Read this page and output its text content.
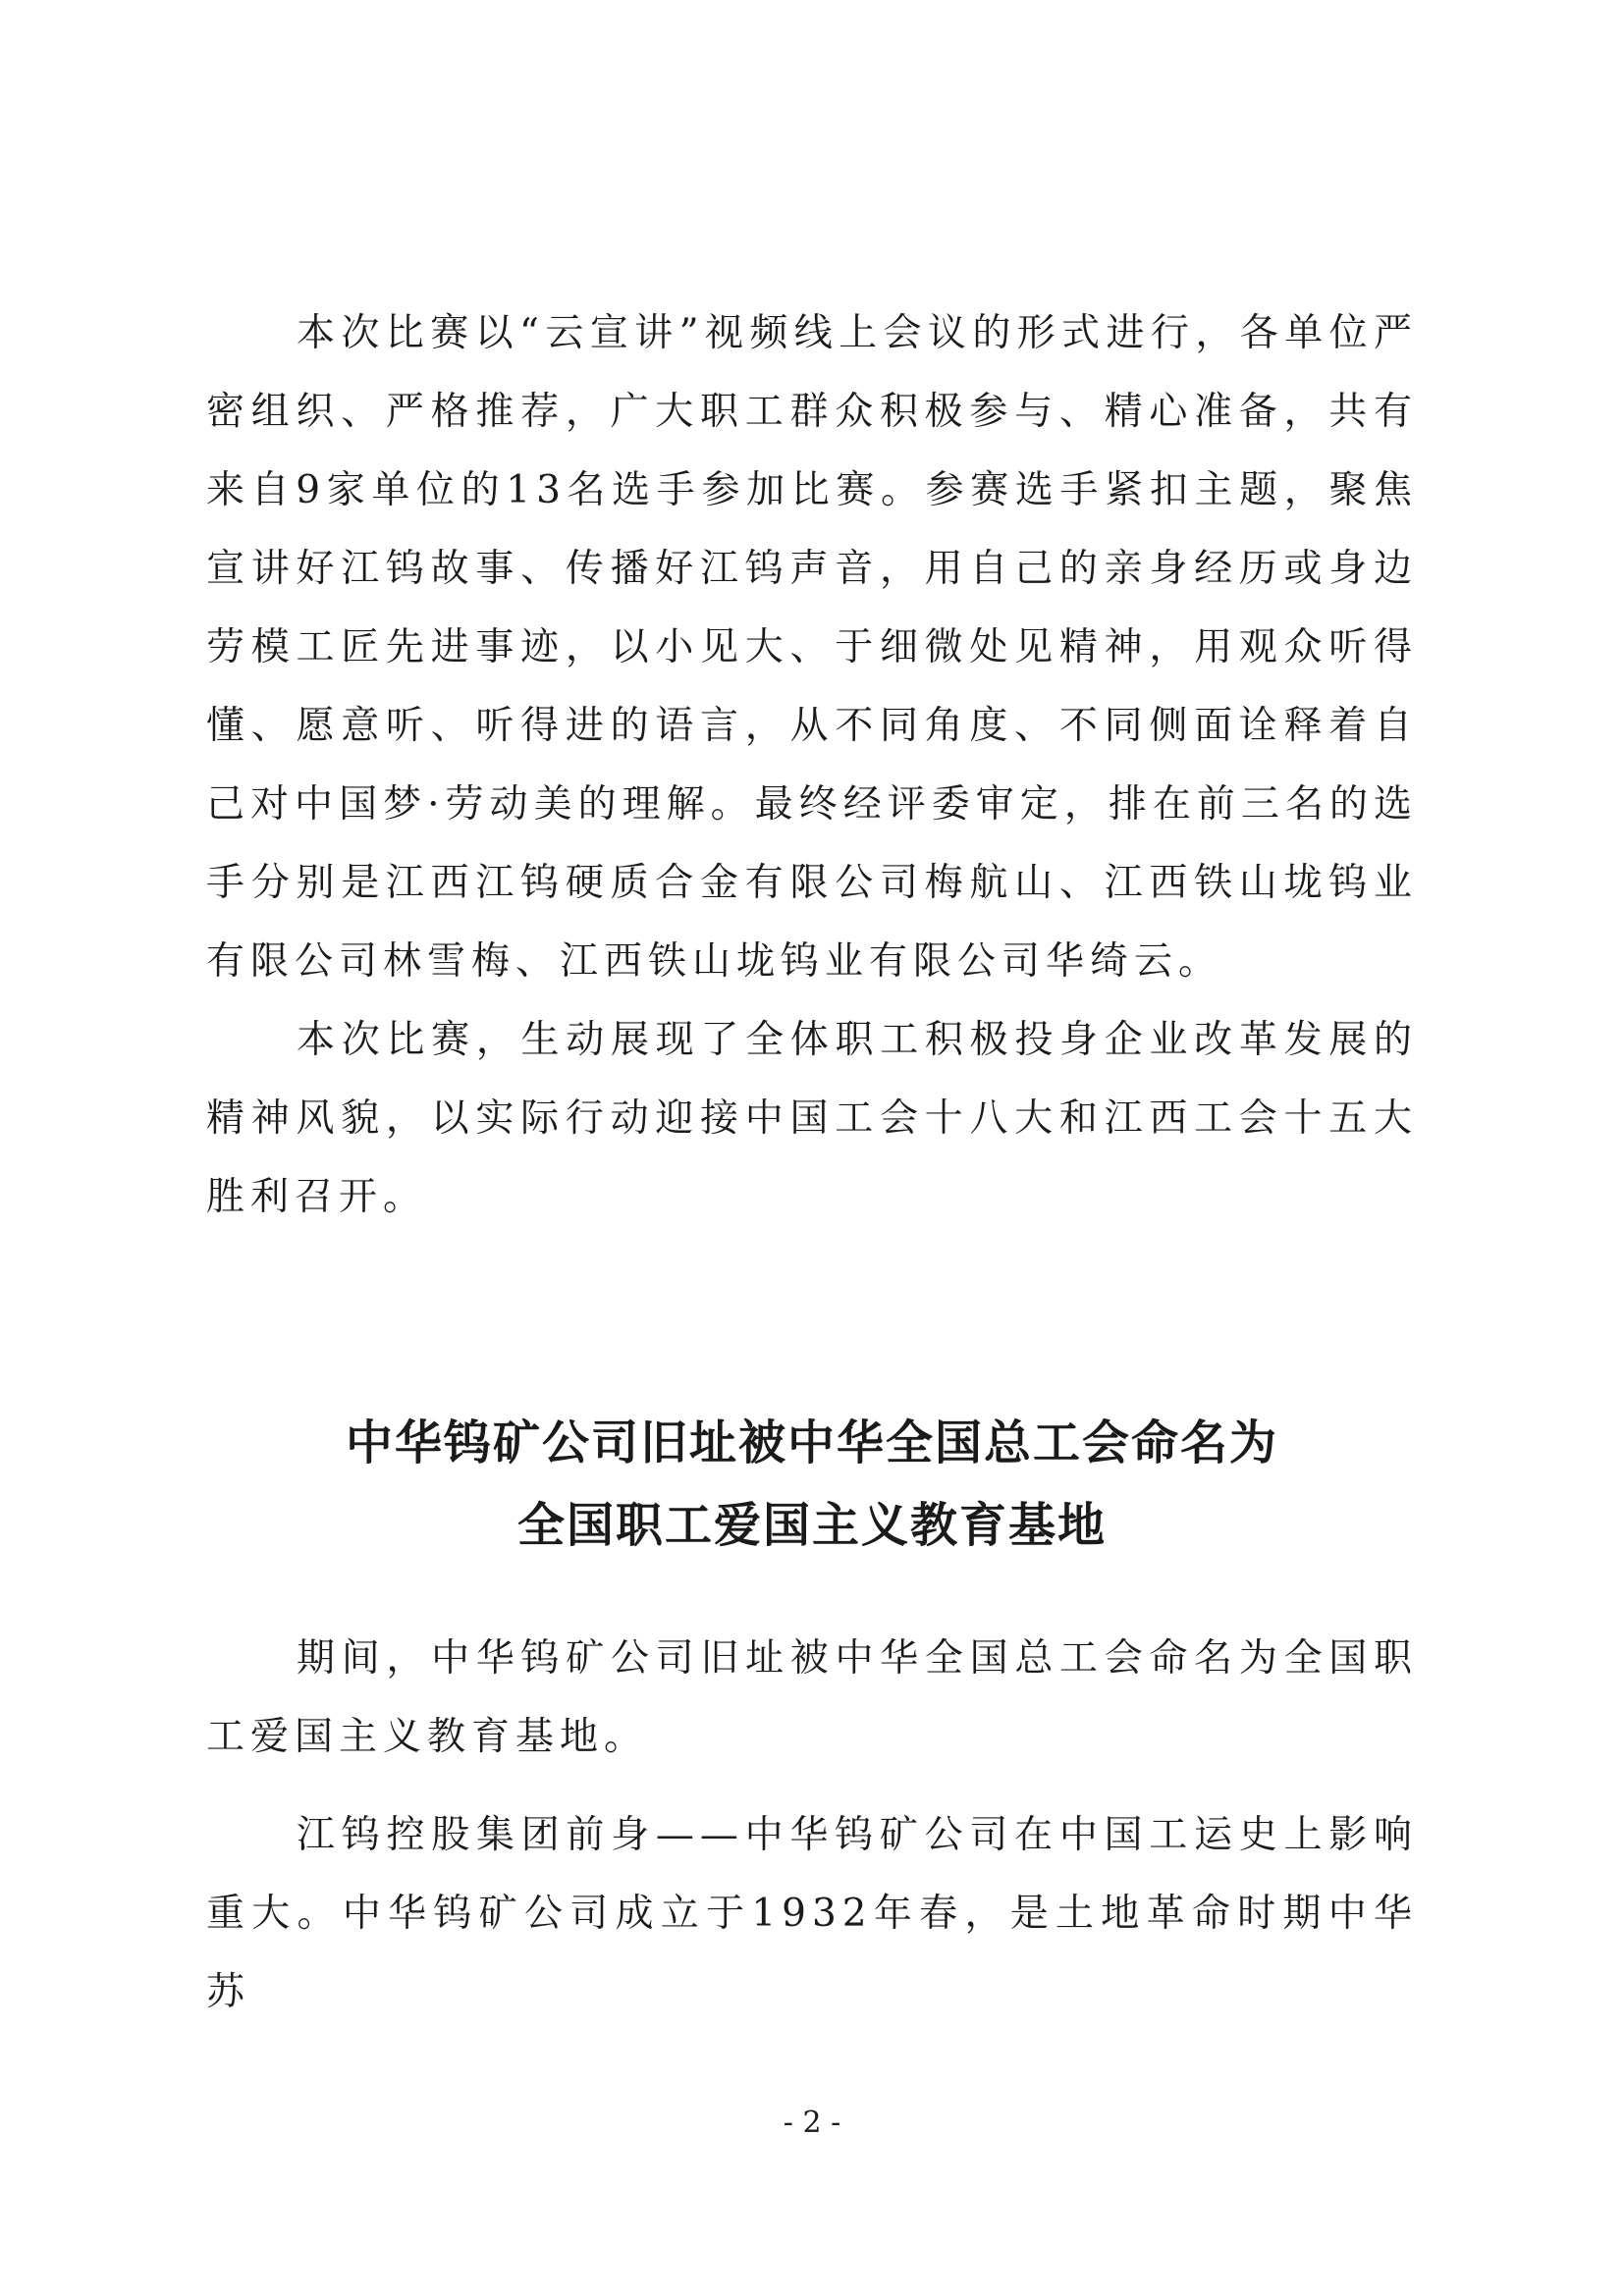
本次比赛以“云宣讲”视频线上会议的形式进行，各单位严密组织、严格推荐，广大职工群众积极参与、精心准备，共有来自9家单位的13名选手参加比赛。参赛选手紧扣主题，聚焦宣讲好江钨故事、传播好江钨声音，用自己的亲身经历或身边劳模工匠先进事迹，以小见大、于细微处见精神，用观众听得懂、愿意听、听得进的语言，从不同角度、不同侧面诠释着自己对中国梦·劳动美的理解。最终经评委审定，排在前三名的选手分别是江西江钨硬质合金有限公司梅航山、江西铁山垅钨业有限公司林雪梅、江西铁山垅钨业有限公司华绮云。

本次比赛，生动展现了全体职工积极投身企业改革发展的精神风貌，以实际行动迎接中国工会十八大和江西工会十五大胜利召开。

中华钨矿公司旧址被中华全国总工会命名为
全国职工爱国主义教育基地

期间，中华钨矿公司旧址被中华全国总工会命名为全国职工爱国主义教育基地。

江钨控股集团前身——中华钨矿公司在中国工运史上影响重大。中华钨矿公司成立于1932年春，是土地革命时期中华苏

- 2 -
